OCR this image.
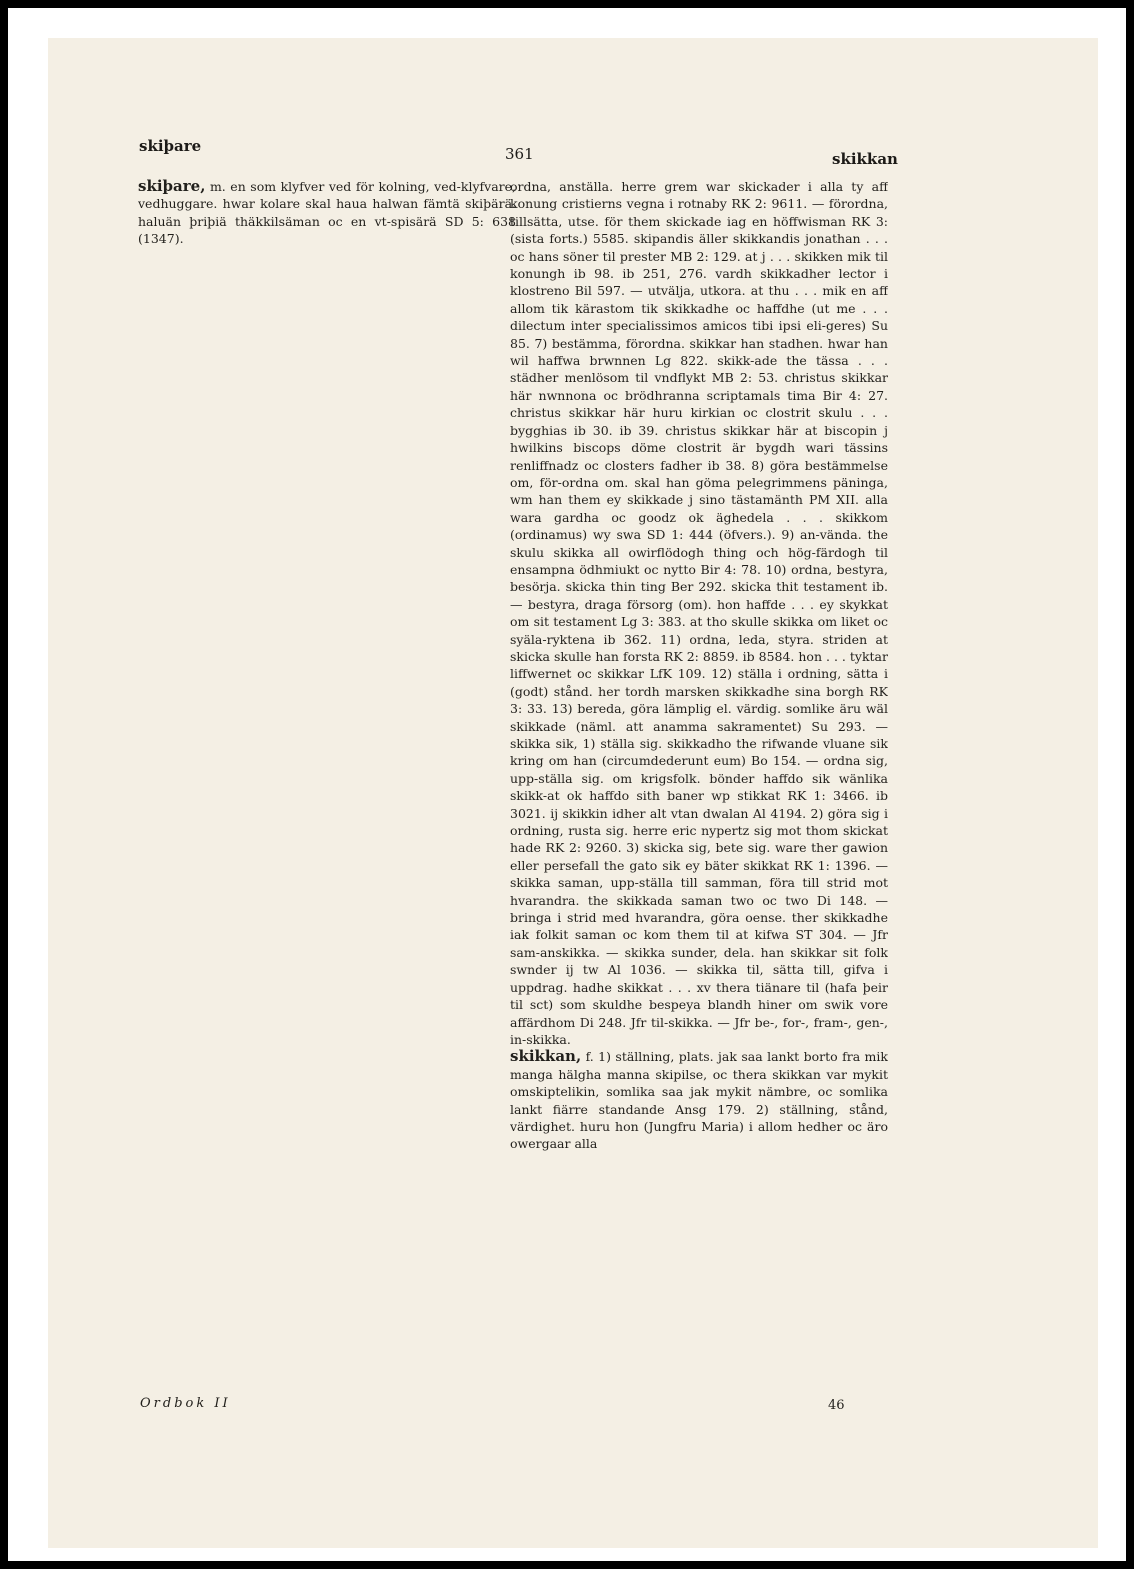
skiþare	361	skikkan

skiþare, m. en som klyfver ved för kolning, ved-klyfvare, vedhuggare. hwar kolare skal haua halwan fämtä skiþärä. haluän þriþiä thäkkilsäman oc en vt-spisärä SD 5: 638 (1347).

ordna, anställa. herre grem war skickader i alla ty aff konung cristierns vegna i rotnaby RK 2: 9611. — förordna, tillsätta, utse. för them skickade iag en höffwisman RK 3: (sista forts.) 5585. skipandis äller skikkandis jonathan . . . oc hans söner til prester MB 2: 129. at j . . . skikken mik til konungh ib 98. ib 251, 276. vardh skikkadher lector i klostreno Bil 597. — utvälja, utkora. at thu . . . mik en aff allom tik kärastom tik skikkadhe oc haffdhe (ut me . . . dilectum inter specialissimos amicos tibi ipsi eli-geres) Su 85. 7) bestämma, förordna. skikkar han stadhen. hwar han wil haffwa brwnnen Lg 822. skikk-ade the tässa . . . städher menlösom til vndflykt MB 2: 53. christus skikkar här nwnnona oc brödhranna scriptamals tima Bir 4: 27. christus skikkar här huru kirkian oc clostrit skulu . . . bygghias ib 30. ib 39. christus skikkar här at biscopin j hwilkins biscops döme clostrit är bygdh wari tässins renliffnadz oc closters fadher ib 38. 8) göra bestämmelse om, för-ordna om. skal han göma pelegrimmens päninga, wm han them ey skikkade j sino tästamänth PM XII. alla wara gardha oc goodz ok äghedela . . . skikkom (ordinamus) wy swa SD 1: 444 (öfvers.). 9) an-vända. the skulu skikka all owirflödogh thing och hög-färdogh til ensampna ödhmiukt oc nytto Bir 4: 78. 10) ordna, bestyra, besörja. skicka thin ting Ber 292. skicka thit testament ib. — bestyra, draga försorg (om). hon haffde . . . ey skykkat om sit testament Lg 3: 383. at tho skulle skikka om liket oc syäla-ryktena ib 362. 11) ordna, leda, styra. striden at skicka skulle han forsta RK 2: 8859. ib 8584. hon . . . tyktar liffwernet oc skikkar LfK 109. 12) ställa i ordning, sätta i (godt) stånd. her tordh marsken skikkadhe sina borgh RK 3: 33. 13) bereda, göra lämplig el. värdig. somlike äru wäl skikkade (näml. att anamma sakramentet) Su 293. — skikka sik, 1) ställa sig. skikkadho the rifwande vluane sik kring om han (circumdederunt eum) Bo 154. — ordna sig, upp-ställa sig. om krigsfolk. bönder haffdo sik wänlika skikk-at ok haffdo sith baner wp stikkat RK 1: 3466. ib 3021. ij skikkin idher alt vtan dwalan Al 4194. 2) göra sig i ordning, rusta sig. herre eric nypertz sig mot thom skickat hade RK 2: 9260. 3) skicka sig, bete sig. ware ther gawion eller persefall the gato sik ey bäter skikkat RK 1: 1396. — skikka saman, upp-ställa till samman, föra till strid mot hvarandra. the skikkada saman two oc two Di 148. — bringa i strid med hvarandra, göra oense. ther skikkadhe iak folkit saman oc kom them til at kifwa ST 304. — Jfr sam-anskikka. — skikka sunder, dela. han skikkar sit folk swnder ij tw Al 1036. — skikka til, sätta till, gifva i uppdrag. hadhe skikkat . . . xv thera tiänare til (hafa þeir til sct) som skuldhe bespeya blandh hiner om swik vore affärdhom Di 248. Jfr til-skikka. — Jfr be-, for-, fram-, gen-, in-skikka.

skikkan, f. 1) ställning, plats. jak saa lankt borto fra mik manga hälgha manna skipilse, oc thera skikkan var mykit omskiptelikin, somlika saa jak mykit nämbre, oc somlika lankt fiärre standande Ansg 179. 2) ställning, stånd, värdighet. huru hon (Jungfru Maria) i allom hedher oc äro owergaar alla

Ordbok II	46
